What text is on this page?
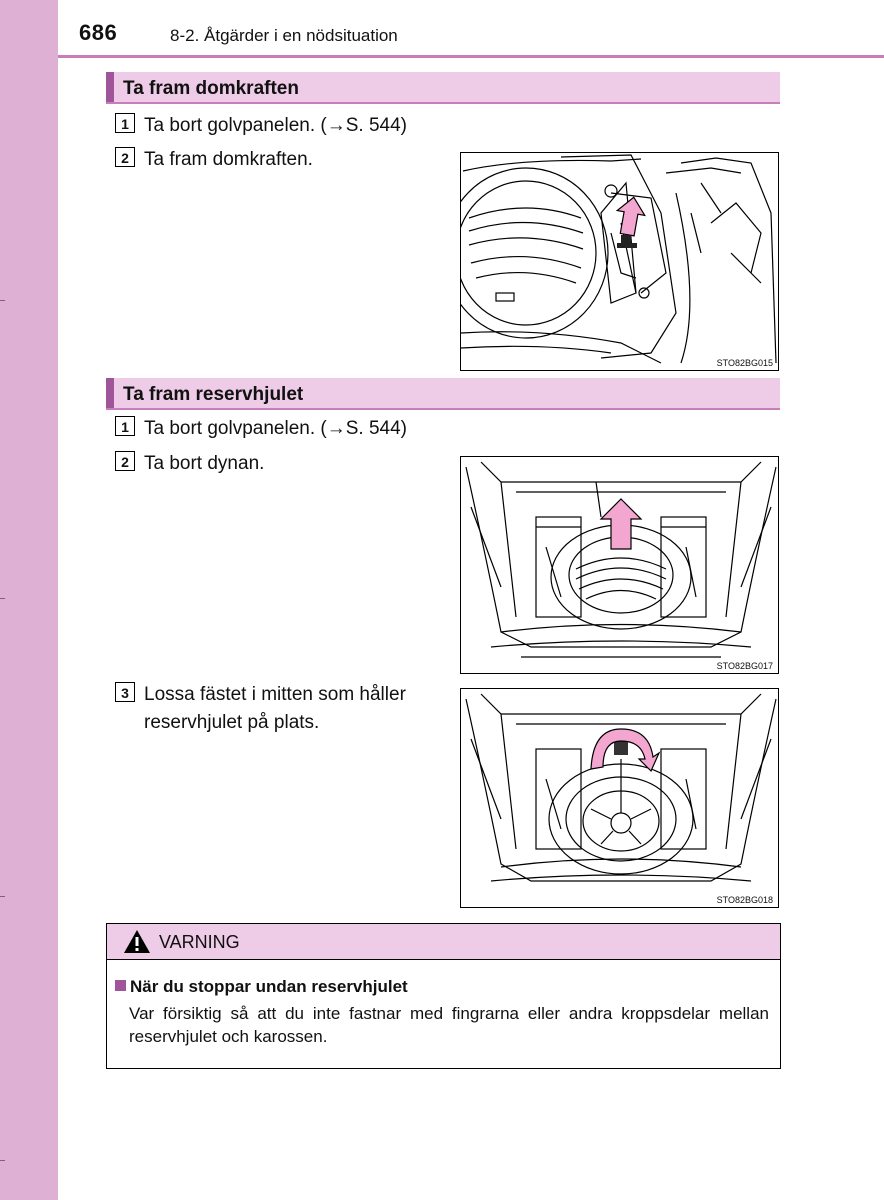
686	8-2. Åtgärder i en nödsituation
Ta fram domkraften
1 Ta bort golvpanelen. (→S. 544)
2 Ta fram domkraften.
STO82BG015
Ta fram reservhjulet
1 Ta bort golvpanelen. (→S. 544)
2 Ta bort dynan.
3 Lossa fästet i mitten som håller reservhjulet på plats.
STO82BG017
STO82BG018
VARNING
När du stoppar undan reservhjulet
Var försiktig så att du inte fastnar med fingrarna eller andra kroppsdelar mellan reservhjulet och karossen.
